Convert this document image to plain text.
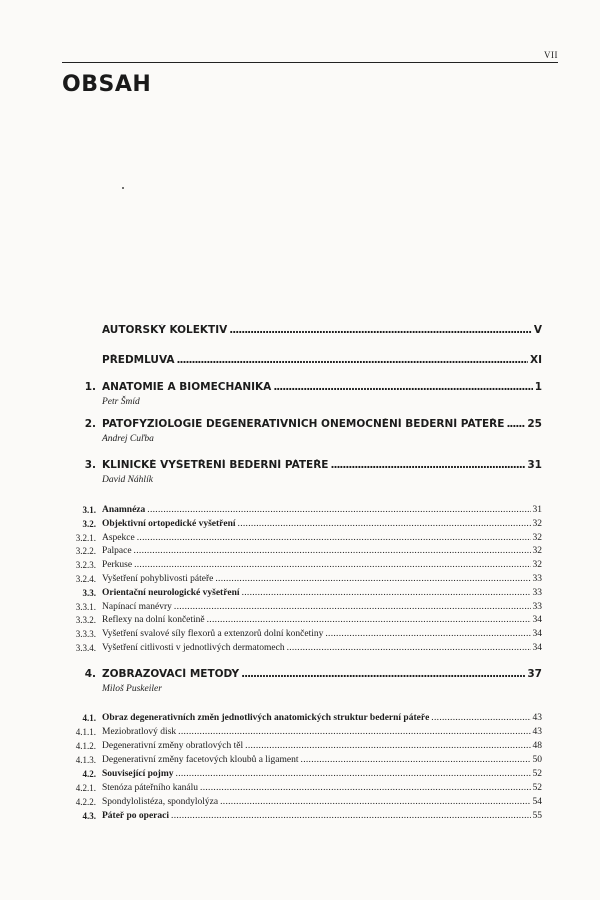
VII
OBSAH
AUTORSKÝ KOLEKTIV .....	V
PŘEDMLUVA .....	XI
1. ANATOMIE A BIOMECHANIKA .....	1
Petr Šmíd
2. PATOFYZIOLOGIE DEGENERATIVNÍCH ONEMOCNĚNÍ BEDERNÍ PÁTEŘE ..... 25
Andrej Cuľba
3. KLINICKÉ VYŠETŘENÍ BEDERNÍ PÁTEŘE .....	31
David Náhlík
3.1. Anamnéza .....	31
3.2. Objektivní ortopedické vyšetření .....	32
3.2.1. Aspekce .....	32
3.2.2. Palpace .....	32
3.2.3. Perkuse .....	32
3.2.4. Vyšetření pohyblivosti páteře .....	33
3.3. Orientační neurologické vyšetření .....	33
3.3.1. Napínací manévry .....	33
3.3.2. Reflexy na dolní končetině .....	34
3.3.3. Vyšetření svalové síly flexorů a extenzorů dolní končetiny .....	34
3.3.4. Vyšetření citlivosti v jednotlivých dermatomech .....	34
4. ZOBRAZOVACÍ METODY .....	37
Miloš Puskeiler
4.1. Obraz degenerativních změn jednotlivých anatomických struktur bederní páteře .....	43
4.1.1. Meziobratlový disk .....	43
4.1.2. Degenerativní změny obratlových těl .....	48
4.1.3. Degenerativní změny facetových kloubů a ligament .....	50
4.2. Související pojmy .....	52
4.2.1. Stenóza páteřního kanálu .....	52
4.2.2. Spondylolistéza, spondylolýza .....	54
4.3. Páteř po operaci .....	55
